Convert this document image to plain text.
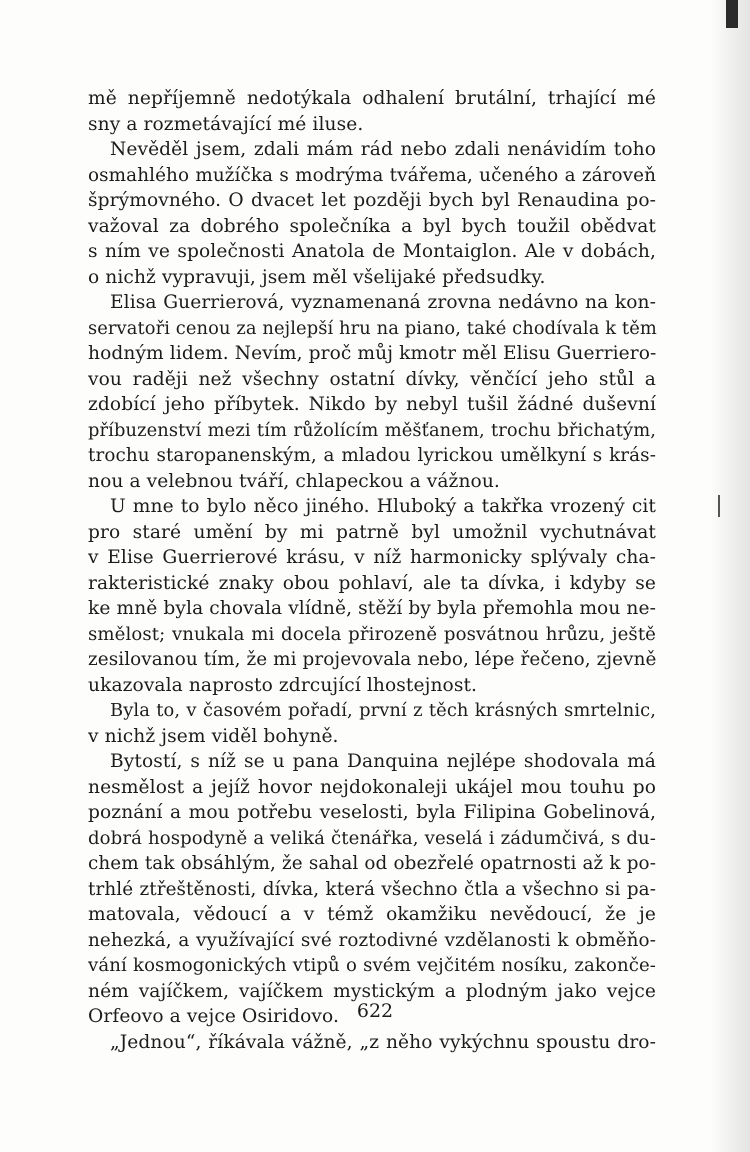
mě nepříjemně nedotýkala odhalení brutální, trhající mé
sny a rozmetávající mé iluse.
Nevěděl jsem, zdali mám rád nebo zdali nenávidím toho
osmahlého mužíčka s modrýma tvářema, učeného a zároveň
šprýmovného. O dvacet let později bych byl Renaudina po-
važoval za dobrého společníka a byl bych toužil obědvat
s ním ve společnosti Anatola de Montaiglon. Ale v dobách,
o nichž vypravuji, jsem měl všelijaké předsudky.
Elisa Guerrierová, vyznamenaná zrovna nedávno na kon-
servatoři cenou za nejlepší hru na piano, také chodívala k těm
hodným lidem. Nevím, proč můj kmotr měl Elisu Guerriero-
vou raději než všechny ostatní dívky, věnčící jeho stůl a
zdobící jeho příbytek. Nikdo by nebyl tušil žádné duševní
příbuzenství mezi tím růžolícím měšťanem, trochu břichatým,
trochu staropanenským, a mladou lyrickou umělkyní s krás-
nou a velebnou tváří, chlapeckou a vážnou.
U mne to bylo něco jiného. Hluboký a takřka vrozený cit
pro staré umění by mi patrně byl umožnil vychutnávat
v Elise Guerrierové krásu, v níž harmonicky splývaly cha-
rakteristické znaky obou pohlaví, ale ta dívka, i kdyby se
ke mně byla chovala vlídně, stěží by byla přemohla mou ne-
smělost; vnukala mi docela přirozeně posvátnou hrůzu, ještě
zesilovanou tím, že mi projevovala nebo, lépe řečeno, zjevně
ukazovala naprosto zdrcující lhostejnost.
Byla to, v časovém pořadí, první z těch krásných smrtelnic,
v nichž jsem viděl bohyně.
Bytostí, s níž se u pana Danquina nejlépe shodovala má
nesmělost a jejíž hovor nejdokonaleji ukájel mou touhu po
poznání a mou potřebu veselosti, byla Filipina Gobelinová,
dobrá hospodyně a veliká čtenářka, veselá i zádumčivá, s du-
chem tak obsáhlým, že sahal od obezřelé opatrnosti až k po-
trhlé ztřeštěnosti, dívka, která všechno čtla a všechno si pa-
matovala, vědoucí a v témž okamžiku nevědoucí, že je
nehezká, a využívající své roztodivné vzdělanosti k obměňo-
vání kosmogonických vtipů o svém vejčitém nosíku, zakonče-
ném vajíčkem, vajíčkem mystickým a plodným jako vejce
Orfeovo a vejce Osiridovo.
„Jednou“, říkávala vážně, „z něho vykýchnu spoustu dro-
622
